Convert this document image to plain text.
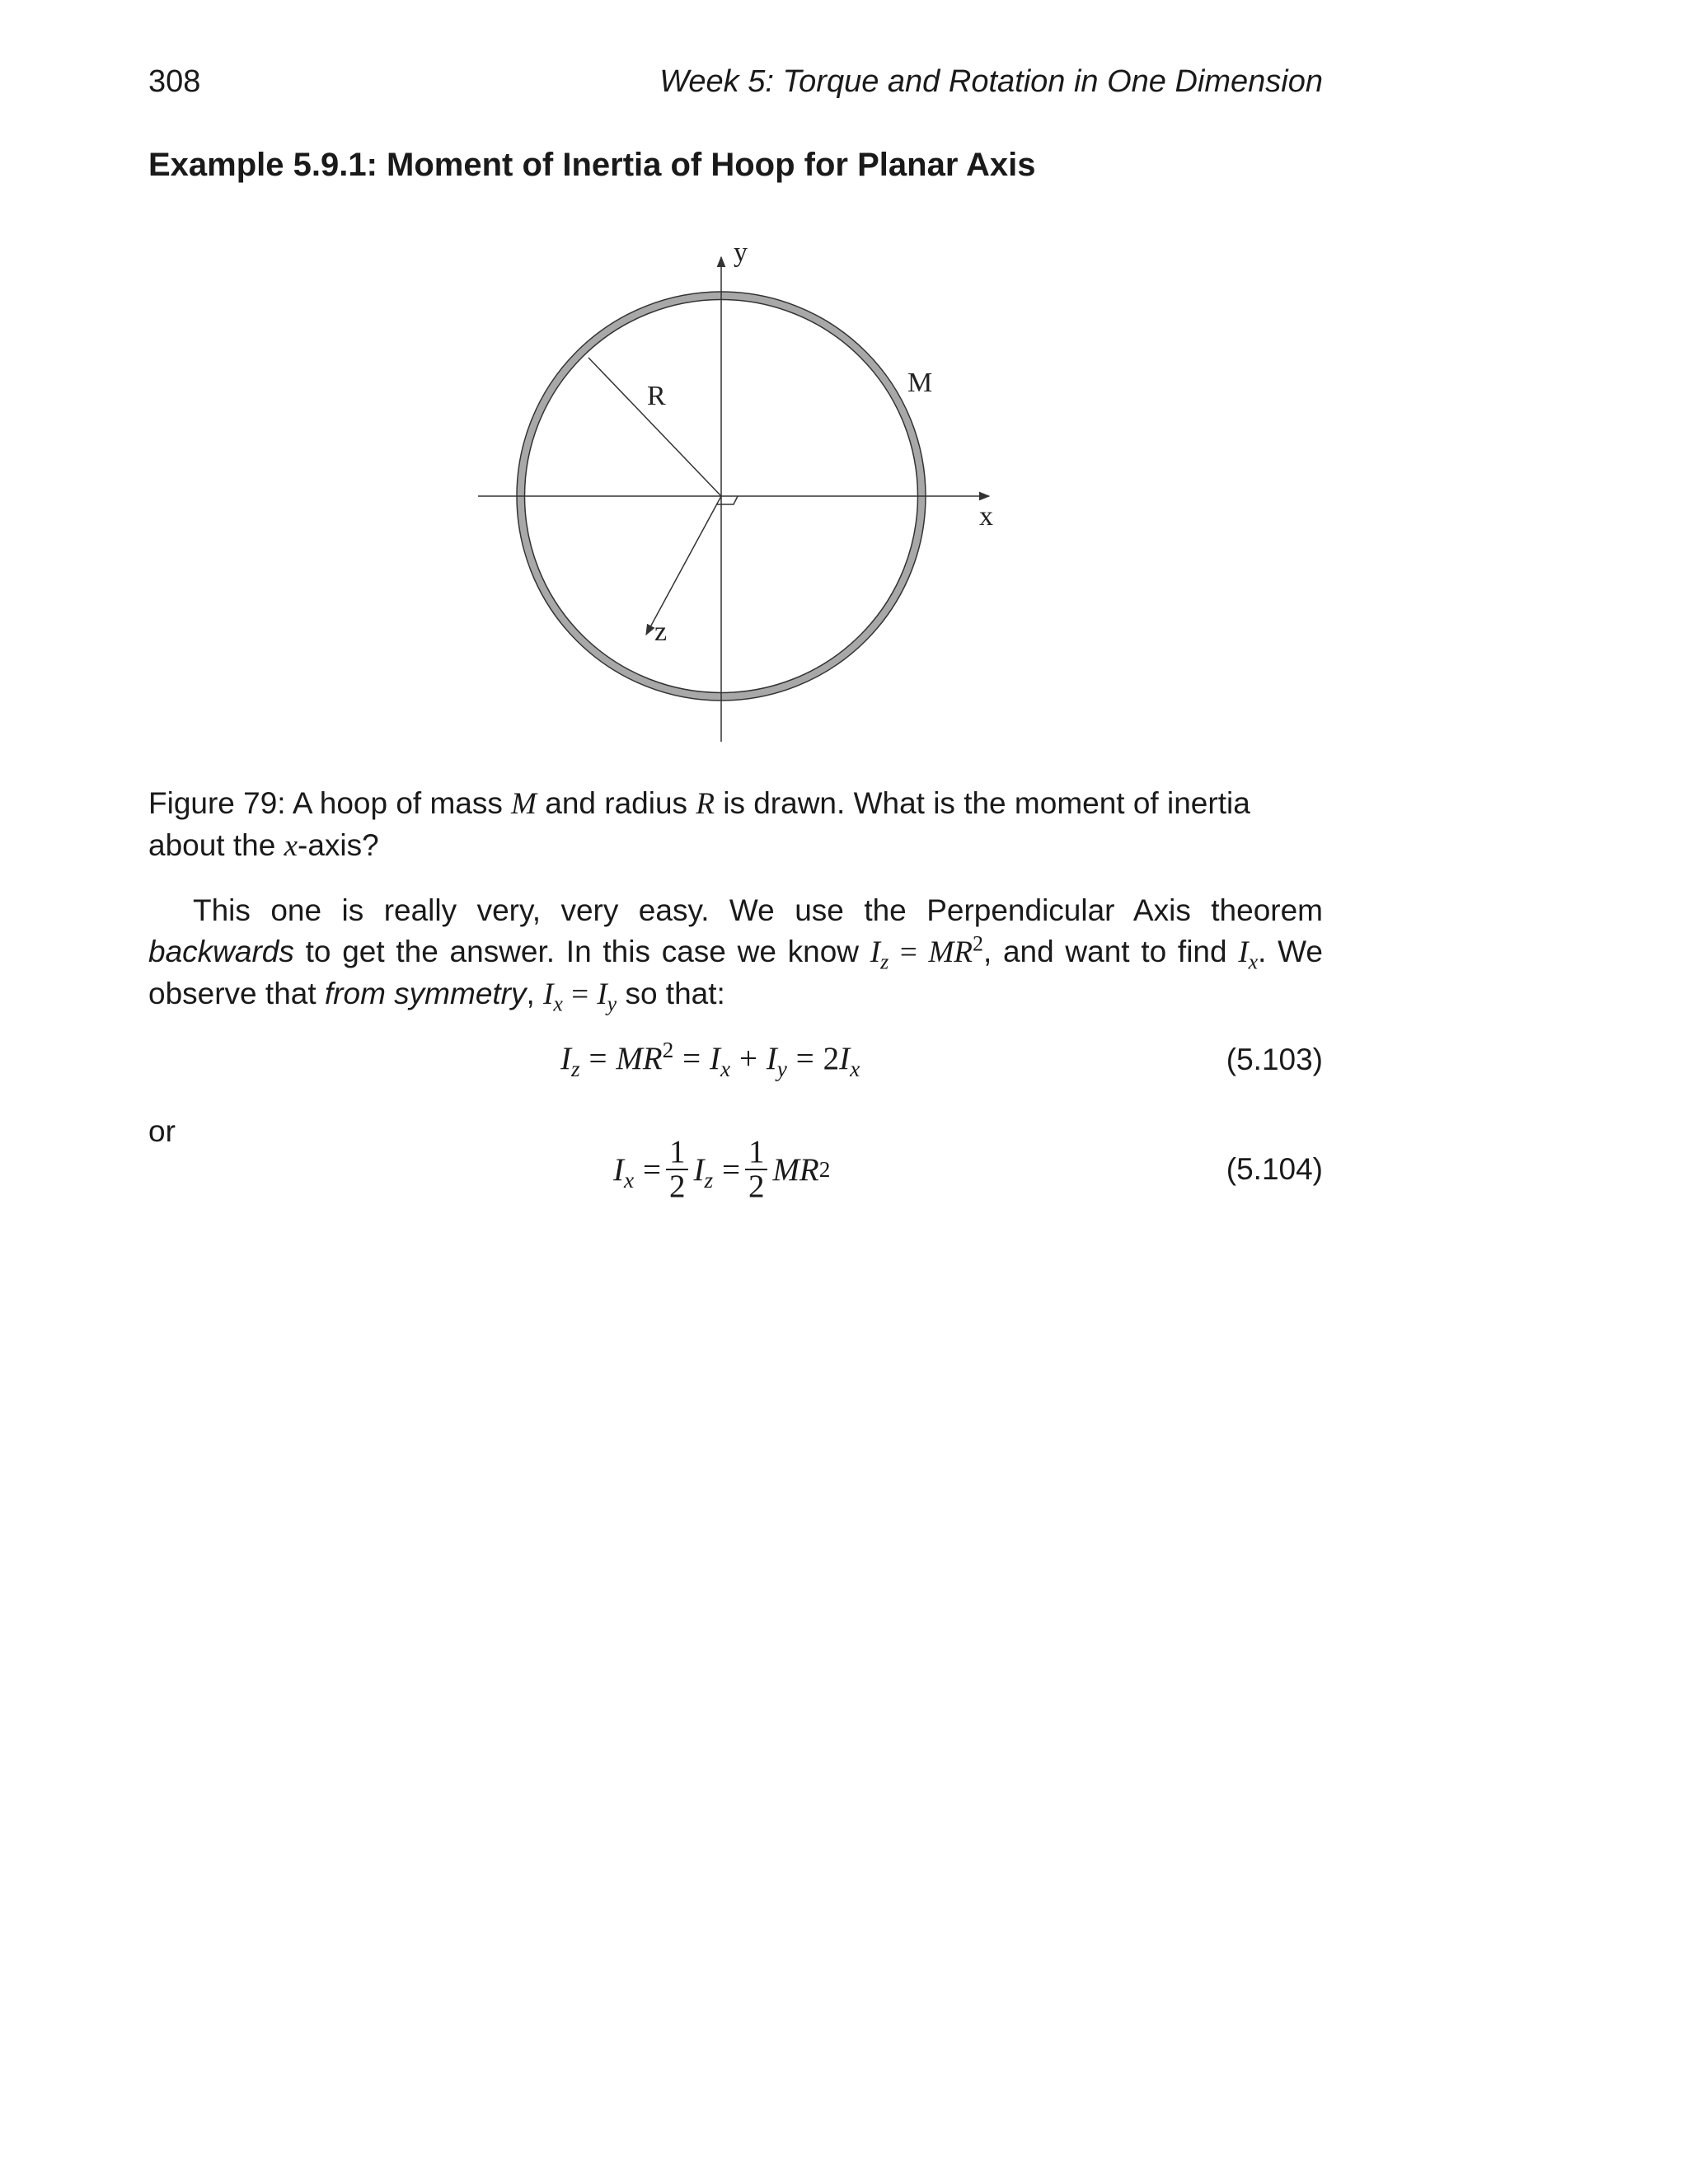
308	Week 5: Torque and Rotation in One Dimension
Example 5.9.1: Moment of Inertia of Hoop for Planar Axis
y
x
z
R	M
Figure 79: A hoop of mass M and radius R is drawn. What is the moment of inertia about the x-axis?
This one is really very, very easy. We use the Perpendicular Axis theorem backwards to get the answer. In this case we know $I_z = MR^2$, and want to find $I_x$. We observe that from symmetry, $I_x = I_y$ so that:
$I_z = MR^2 = I_x + I_y = 2I_x$	(5.103)
or
$I_x$
= $\frac{1}{2} I_z$
= $\frac{1}{2}$ MR 2	(5.104)
